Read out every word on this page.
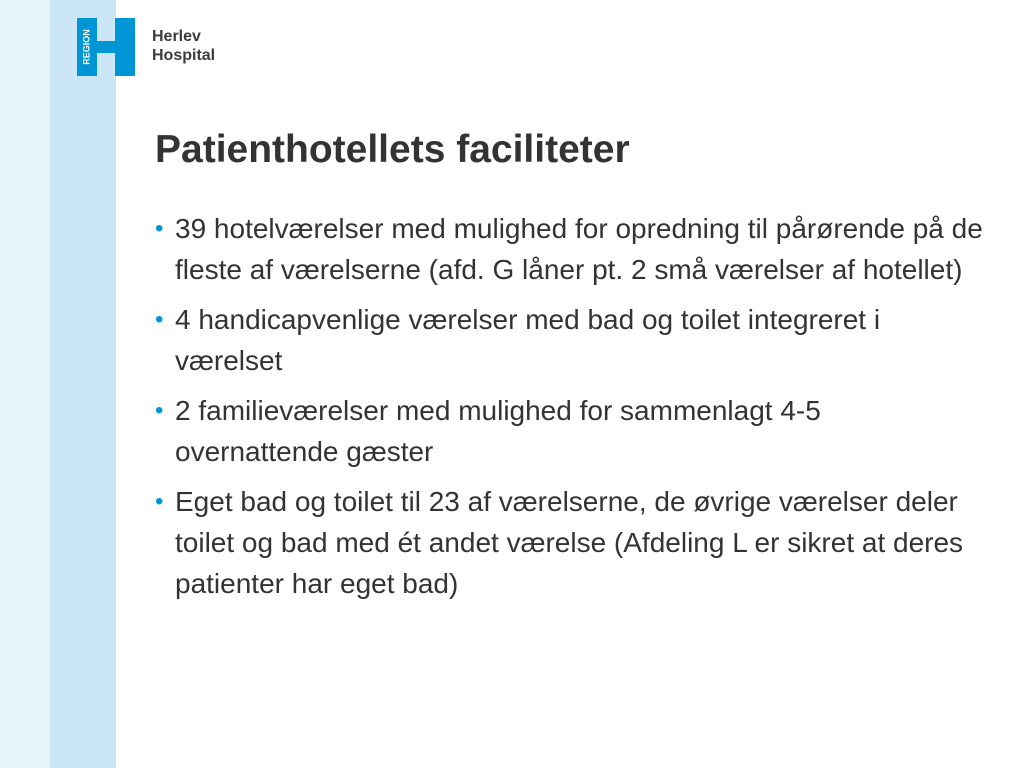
REGION	Herlev
Hospital
Patienthotellets faciliteter
• 39 hotelværelser med mulighed for opredning til pårørende på de fleste af værelserne (afd. G låner pt. 2 små værelser af hotellet)
• 4 handicapvenlige værelser med bad og toilet integreret i værelset
• 2 familieværelser med mulighed for sammenlagt 4-5 overnattende gæster
• Eget bad og toilet til 23 af værelserne, de øvrige værelser deler toilet og bad med ét andet værelse (Afdeling L er sikret at deres patienter har eget bad)
